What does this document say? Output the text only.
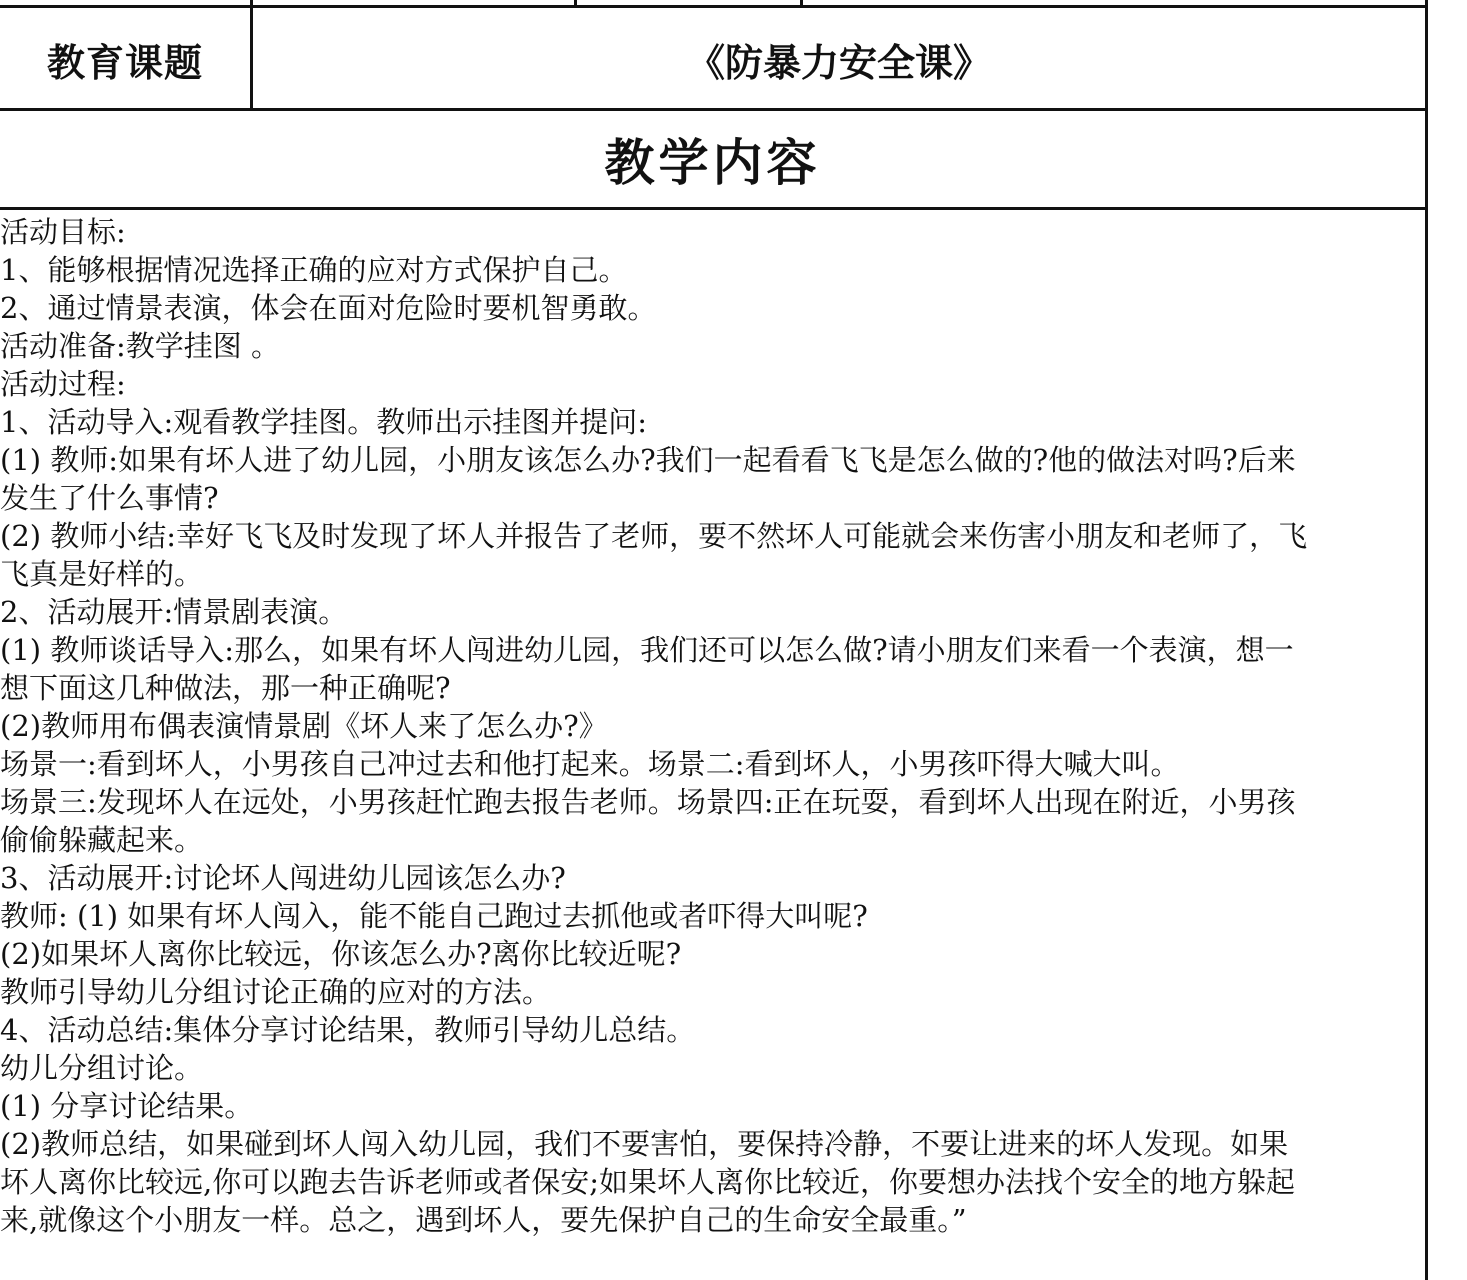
教育课题	《防暴力安全课》
教学内容
活动目标:
1、能够根据情况选择正确的应对方式保护自己。
2、通过情景表演，体会在面对危险时要机智勇敢。
活动准备:教学挂图 。
活动过程:
1、活动导入:观看教学挂图。教师出示挂图并提问:
(1) 教师:如果有坏人进了幼儿园，小朋友该怎么办?我们一起看看飞飞是怎么做的?他的做法对吗?后来
发生了什么事情?
(2) 教师小结:幸好飞飞及时发现了坏人并报告了老师，要不然坏人可能就会来伤害小朋友和老师了，飞
飞真是好样的。
2、活动展开:情景剧表演。
(1) 教师谈话导入:那么，如果有坏人闯进幼儿园，我们还可以怎么做?请小朋友们来看一个表演，想一
想下面这几种做法，那一种正确呢?
(2)教师用布偶表演情景剧《坏人来了怎么办?》
场景一:看到坏人，小男孩自己冲过去和他打起来。场景二:看到坏人，小男孩吓得大喊大叫。
场景三:发现坏人在远处，小男孩赶忙跑去报告老师。场景四:正在玩耍，看到坏人出现在附近，小男孩
偷偷躲藏起来。
3、活动展开:讨论坏人闯进幼儿园该怎么办?
教师: (1) 如果有坏人闯入，能不能自己跑过去抓他或者吓得大叫呢?
(2)如果坏人离你比较远，你该怎么办?离你比较近呢?
教师引导幼儿分组讨论正确的应对的方法。
4、活动总结:集体分享讨论结果，教师引导幼儿总结。
幼儿分组讨论。
(1) 分享讨论结果。
(2)教师总结，如果碰到坏人闯入幼儿园，我们不要害怕，要保持冷静，不要让进来的坏人发现。如果
坏人离你比较远,你可以跑去告诉老师或者保安;如果坏人离你比较近，你要想办法找个安全的地方躲起
来,就像这个小朋友一样。总之，遇到坏人，要先保护自己的生命安全最重。”
